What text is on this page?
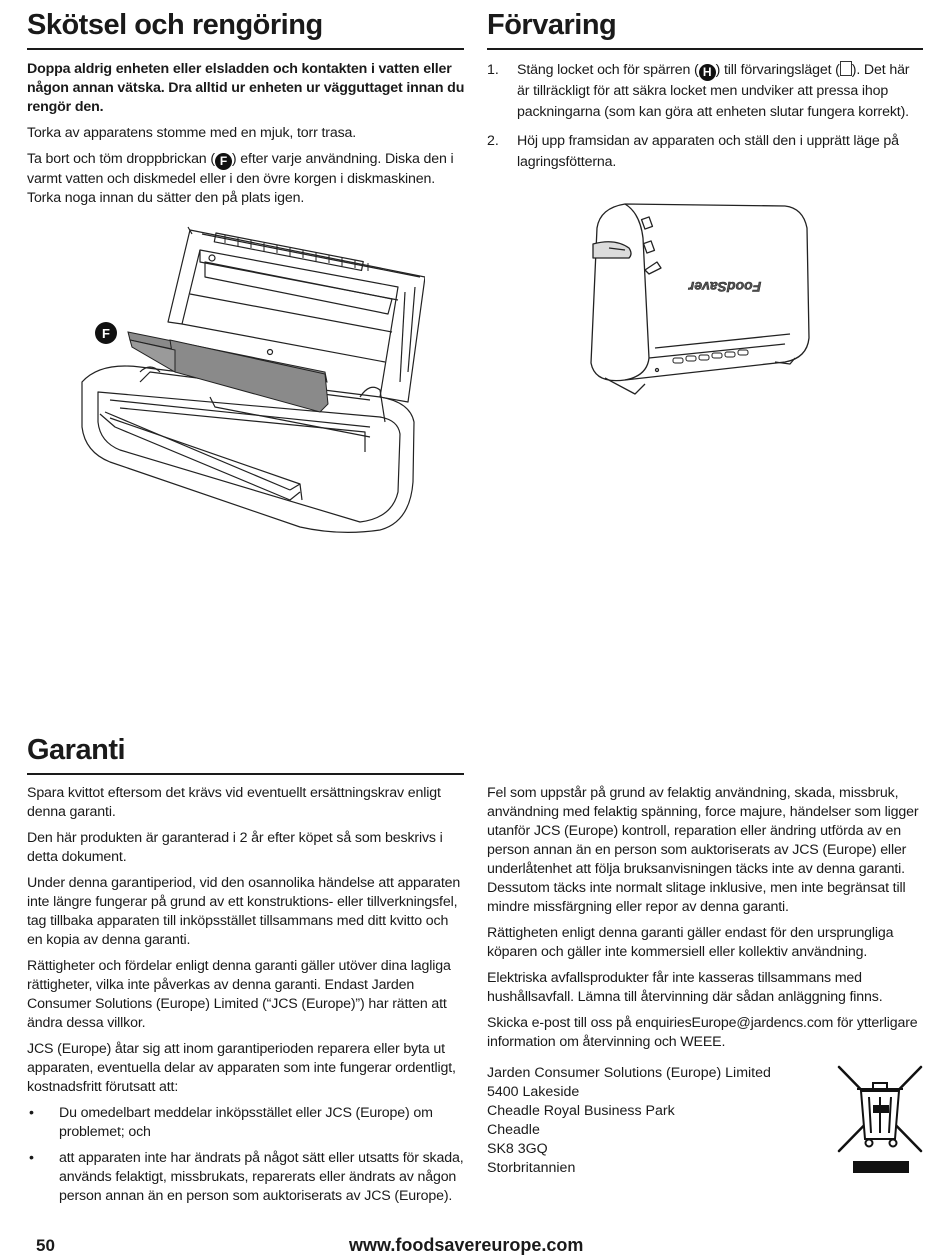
Skötsel och rengöring

Doppa aldrig enheten eller elsladden och kontakten i vatten eller någon annan vätska. Dra alltid ur enheten ur vägguttaget innan du rengör den.

Torka av apparatens stomme med en mjuk, torr trasa.

Ta bort och töm droppbrickan ( F ) efter varje användning. Diska den i varmt vatten och diskmedel eller i den övre korgen i diskmaskinen. Torka noga innan du sätter den på plats igen.

F
Förvaring
1.	Stäng locket och för spärren ( H ) till förvaringsläget ( ). Det här är tillräckligt för att säkra locket men undviker att pressa ihop packningarna (som kan göra att enheten slutar fungera korrekt).
2.	Höj upp framsidan av apparaten och ställ den i upprätt läge på lagringsfötterna.
FoodSaver
Garanti

Spara kvittot eftersom det krävs vid eventuellt ersättningskrav enligt denna garanti.

Den här produkten är garanterad i 2 år efter köpet så som beskrivs i detta dokument.

Under denna garantiperiod, vid den osannolika händelse att apparaten inte längre fungerar på grund av ett konstruktions- eller tillverkningsfel, tag tillbaka apparaten till inköpsstället tillsammans med ditt kvitto och en kopia av denna garanti.

Rättigheter och fördelar enligt denna garanti gäller utöver dina lagliga rättigheter, vilka inte påverkas av denna garanti. Endast Jarden Consumer Solutions (Europe) Limited (“JCS (Europe)”) har rätten att ändra dessa villkor.

JCS (Europe) åtar sig att inom garantiperioden reparera eller byta ut apparaten, eventuella delar av apparaten som inte fungerar ordentligt, kostnadsfritt förutsatt att:

•	Du omedelbart meddelar inköpsstället eller JCS (Europe) om problemet; och
•	att apparaten inte har ändrats på något sätt eller utsatts för skada, används felaktigt, missbrukats, reparerats eller ändrats av någon person annan än en person som auktoriserats av JCS (Europe).

Fel som uppstår på grund av felaktig användning, skada, missbruk, användning med felaktig spänning, force majure, händelser som ligger utanför JCS (Europe) kontroll, reparation eller ändring utförda av en person annan än en person som auktoriserats av JCS (Europe) eller underlåtenhet att följa bruksanvisningen täcks inte av denna garanti. Dessutom täcks inte normalt slitage inklusive, men inte begränsat till mindre missfärgning eller repor av denna garanti.

Rättigheten enligt denna garanti gäller endast för den ursprungliga köparen och gäller inte kommersiell eller kollektiv användning.

Elektriska avfallsprodukter får inte kasseras tillsammans med hushållsavfall. Lämna till återvinning där sådan anläggning finns.

Skicka e-post till oss på enquiriesEurope@jardencs.com för ytterligare information om återvinning och WEEE.

Jarden Consumer Solutions (Europe) Limited
5400 Lakeside
Cheadle Royal Business Park
Cheadle
SK8 3GQ
Storbritannien
50	www.foodsavereurope.com
